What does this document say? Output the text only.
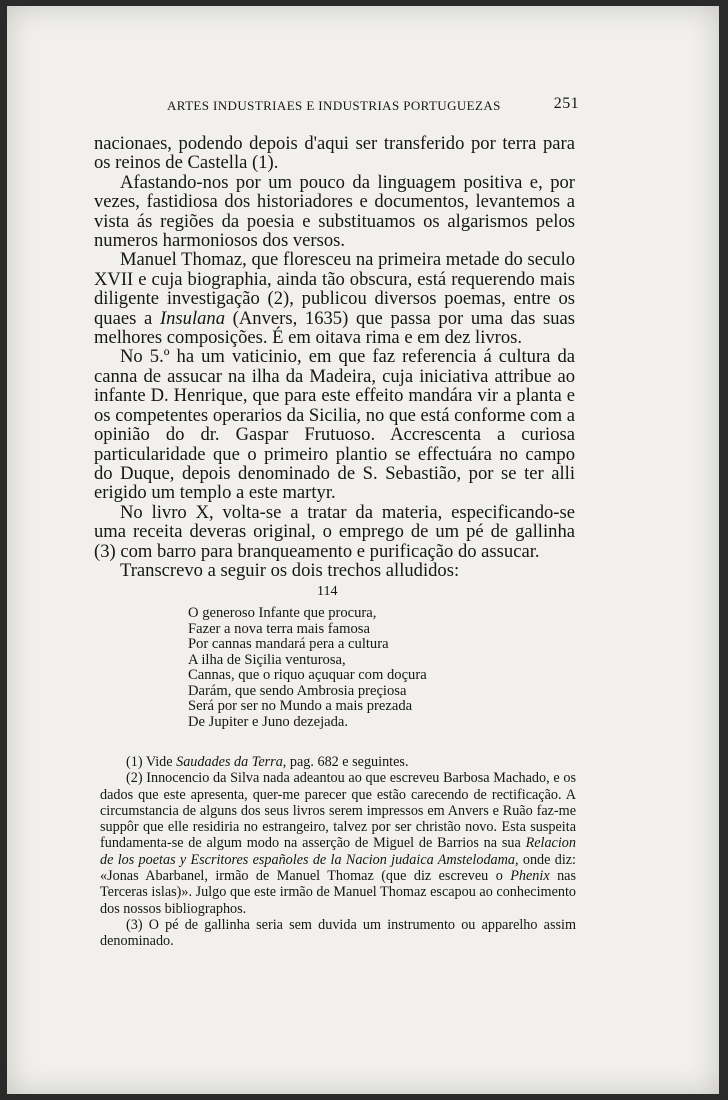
ARTES INDUSTRIAES E INDUSTRIAS PORTUGUEZAS	251

nacionaes, podendo depois d'aqui ser transferido por terra para os reinos de Castella (1).

Afastando-nos por um pouco da linguagem positiva e, por vezes, fastidiosa dos historiadores e documentos, levantemos a vista ás regiões da poesia e substituamos os algarismos pelos numeros harmoniosos dos versos.

Manuel Thomaz, que floresceu na primeira metade do seculo XVII e cuja biographia, ainda tão obscura, está requerendo mais diligente investigação (2), publicou diversos poemas, entre os quaes a Insulana (Anvers, 1635) que passa por uma das suas melhores composições. É em oitava rima e em dez livros.

No 5.º ha um vaticinio, em que faz referencia á cultura da canna de assucar na ilha da Madeira, cuja iniciativa attribue ao infante D. Henrique, que para este effeito mandára vir a planta e os competentes operarios da Sicilia, no que está conforme com a opinião do dr. Gaspar Frutuoso. Accrescenta a curiosa particularidade que o primeiro plantio se effectuára no campo do Duque, depois denominado de S. Sebastião, por se ter alli erigido um templo a este martyr.

No livro X, volta-se a tratar da materia, especificando-se uma receita deveras original, o emprego de um pé de gallinha (3) com barro para branqueamento e purificação do assucar.

Transcrevo a seguir os dois trechos alludidos:

114
O generoso Infante que procura,
Fazer a nova terra mais famosa
Por cannas mandará pera a cultura
A ilha de Siçilia venturosa,
Cannas, que o riquo açuquar com doçura
Darám, que sendo Ambrosia preçiosa
Será por ser no Mundo a mais prezada
De Jupiter e Juno dezejada.

(1) Vide Saudades da Terra, pag. 682 e seguintes.

(2) Innocencio da Silva nada adeantou ao que escreveu Barbosa Machado, e os dados que este apresenta, quer-me parecer que estão carecendo de rectificação. A circumstancia de alguns dos seus livros serem impressos em Anvers e Ruão faz-me suppôr que elle residiria no estrangeiro, talvez por ser christão novo. Esta suspeita fundamenta-se de algum modo na asserção de Miguel de Barrios na sua Relacion de los poetas y Escritores españoles de la Nacion judaica Amstelodama, onde diz: «Jonas Abarbanel, irmão de Manuel Thomaz (que diz escreveu o Phenix nas Terceras islas)». Julgo que este irmão de Manuel Thomaz escapou ao conhecimento dos nossos bibliographos.

(3) O pé de gallinha seria sem duvida um instrumento ou apparelho assim denominado.
